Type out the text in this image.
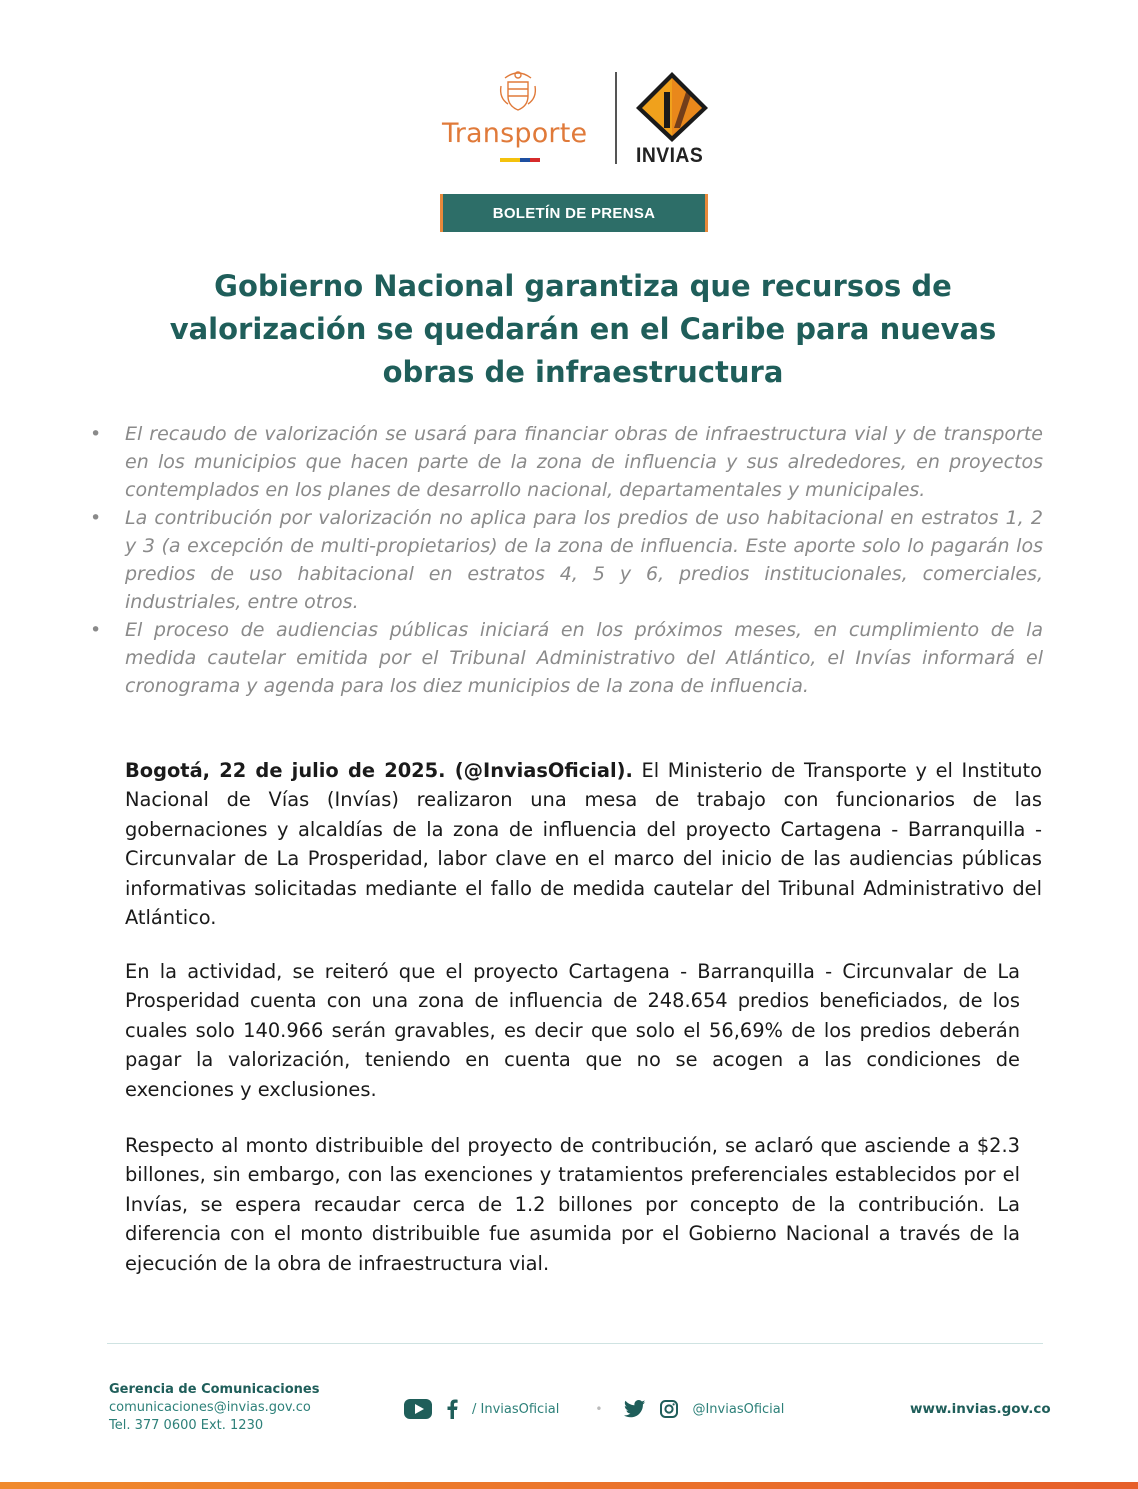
Transporte
INVIAS
BOLETÍN DE PRENSA
Gobierno Nacional garantiza que recursos de valorización se quedarán en el Caribe para nuevas obras de infraestructura
• El recaudo de valorización se usará para financiar obras de infraestructura vial y de transporte en los municipios que hacen parte de la zona de influencia y sus alrededores, en proyectos contemplados en los planes de desarrollo nacional, departamentales y municipales.
• La contribución por valorización no aplica para los predios de uso habitacional en estratos 1, 2 y 3 (a excepción de multi-propietarios) de la zona de influencia. Este aporte solo lo pagarán los predios de uso habitacional en estratos 4, 5 y 6, predios institucionales, comerciales, industriales, entre otros.
• El proceso de audiencias públicas iniciará en los próximos meses, en cumplimiento de la medida cautelar emitida por el Tribunal Administrativo del Atlántico, el Invías informará el cronograma y agenda para los diez municipios de la zona de influencia.

Bogotá, 22 de julio de 2025. (@InviasOficial). El Ministerio de Transporte y el Instituto Nacional de Vías (Invías) realizaron una mesa de trabajo con funcionarios de las gobernaciones y alcaldías de la zona de influencia del proyecto Cartagena - Barranquilla - Circunvalar de La Prosperidad, labor clave en el marco del inicio de las audiencias públicas informativas solicitadas mediante el fallo de medida cautelar del Tribunal Administrativo del Atlántico.

En la actividad, se reiteró que el proyecto Cartagena - Barranquilla - Circunvalar de La Prosperidad cuenta con una zona de influencia de 248.654 predios beneficiados, de los cuales solo 140.966 serán gravables, es decir que solo el 56,69% de los predios deberán pagar la valorización, teniendo en cuenta que no se acogen a las condiciones de exenciones y exclusiones.

Respecto al monto distribuible del proyecto de contribución, se aclaró que asciende a $2.3 billones, sin embargo, con las exenciones y tratamientos preferenciales establecidos por el Invías, se espera recaudar cerca de 1.2 billones por concepto de la contribución. La diferencia con el monto distribuible fue asumida por el Gobierno Nacional a través de la ejecución de la obra de infraestructura vial.

Gerencia de Comunicaciones
comunicaciones@invias.gov.co
Tel. 377 0600 Ext. 1230
/ InviasOficial	•	@InviasOficial	www.invias.gov.co
